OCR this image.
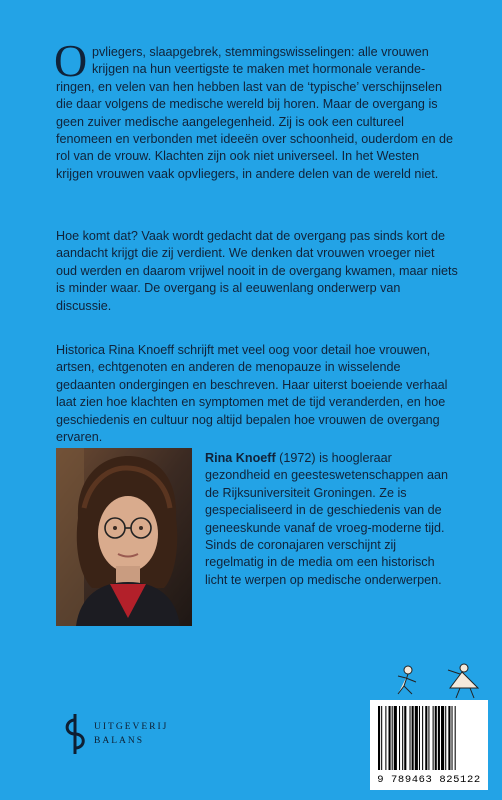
O pvliegers, slaapgebrek, stemmingswisselingen: alle vrouwen
krijgen na hun veertigste te maken met hormonale verande-

ringen, en velen van hen hebben last van de ‘typische’ verschijnselen die daar volgens de medische wereld bij horen. Maar de overgang is geen zuiver medische aangelegenheid. Zij is ook een cultureel fenomeen en verbonden met ideeën over schoonheid, ouderdom en de rol van de vrouw. Klachten zijn ook niet universeel. In het Westen krijgen vrouwen vaak opvliegers, in andere delen van de wereld niet.

Hoe komt dat? Vaak wordt gedacht dat de overgang pas sinds kort de aandacht krijgt die zij verdient. We denken dat vrouwen vroeger niet oud werden en daarom vrijwel nooit in de overgang kwamen, maar niets is minder waar. De overgang is al eeuwenlang onderwerp van discussie.

Historica Rina Knoeff schrijft met veel oog voor detail hoe vrouwen, artsen, echtgenoten en anderen de menopauze in wisselende gedaanten ondergingen en beschreven. Haar uiterst boeiende verhaal laat zien hoe klachten en symptomen met de tijd veranderden, en hoe geschiedenis en cultuur nog altijd bepalen hoe vrouwen de overgang ervaren.

Rina Knoeff (1972) is hoogleraar gezondheid en geesteswetenschappen aan de Rijksuniversiteit Groningen. Ze is gespecialiseerd in de geschiedenis van de geneeskunde vanaf de vroeg-moderne tijd. Sinds de coronajaren verschijnt zij regelmatig in de media om een historisch licht te werpen op medische onderwerpen.
UITGEVERIJ
BALANS
9 789463 825122
